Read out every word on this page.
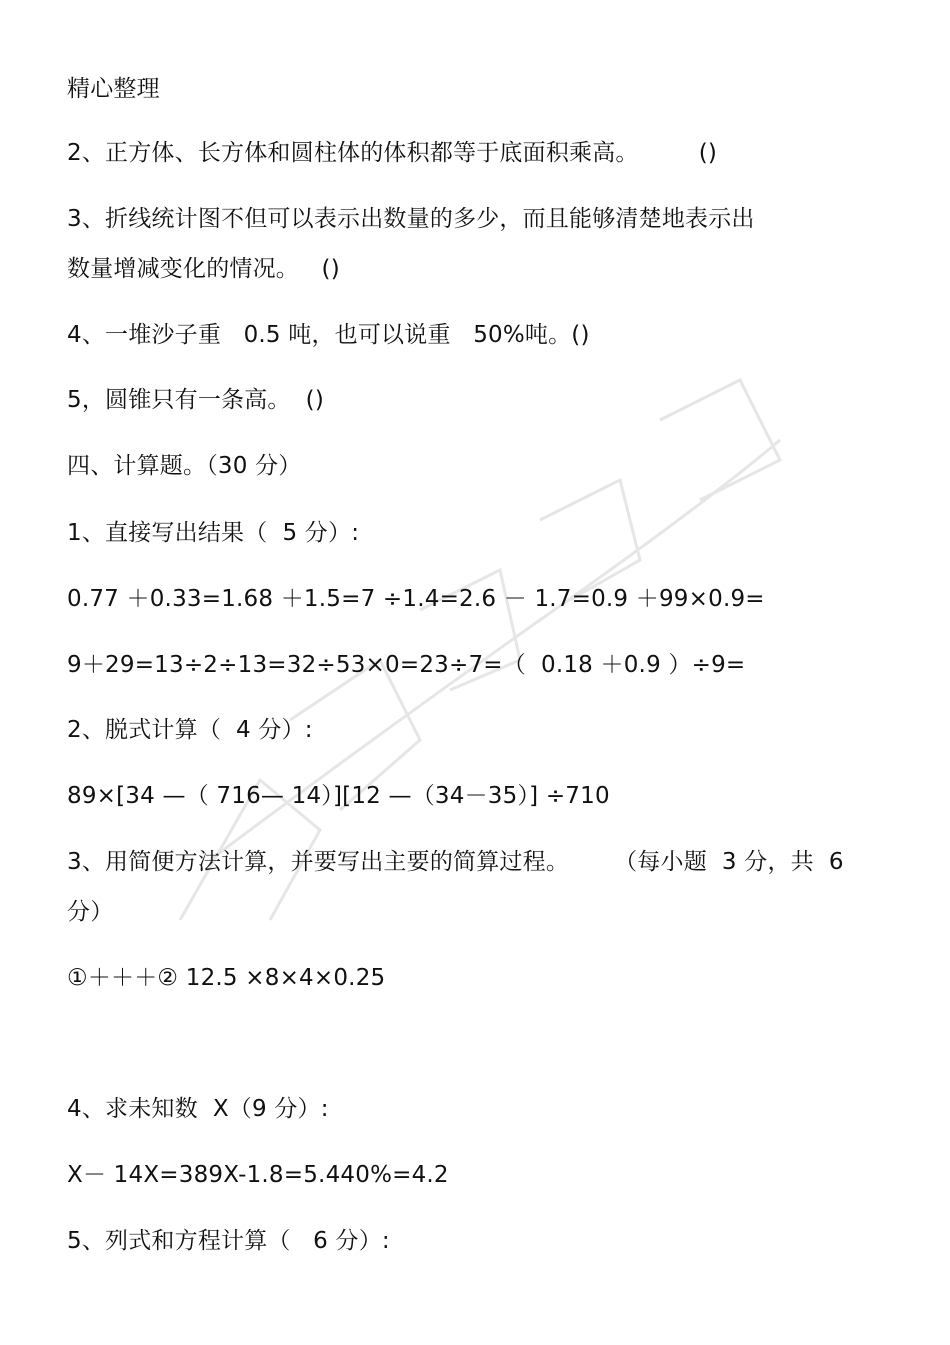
精心整理
2、正方体、长方体和圆柱体的体积都等于底面积乘高。        ()
3、折线统计图不但可以表示出数量的多少，而且能够清楚地表示出
数量增减变化的情况。   ()
4、一堆沙子重   0.5 吨，也可以说重   50%吨。()
5，圆锥只有一条高。  ()
四、计算题。（30 分）
1、直接写出结果（  5 分）:
0.77 ＋0.33=1.68 ＋1.5=7 ÷1.4=2.6 － 1.7=0.9 ＋99×0.9=
9＋29=13÷2÷13=32÷53×0=23÷7=（  0.18 ＋0.9 ）÷9=
2、脱式计算（  4 分）:
89×[34 —（ 716— 14）][12 —（34－35）] ÷710
3、用简便方法计算，并要写出主要的简算过程。      （每小题  3 分，共  6
分）
①＋＋＋② 12.5 ×8×4×0.25
4、求未知数  X（9 分）:
X－ 14X=389X-1.8=5.440%=4.2
5、列式和方程计算（   6 分）:
